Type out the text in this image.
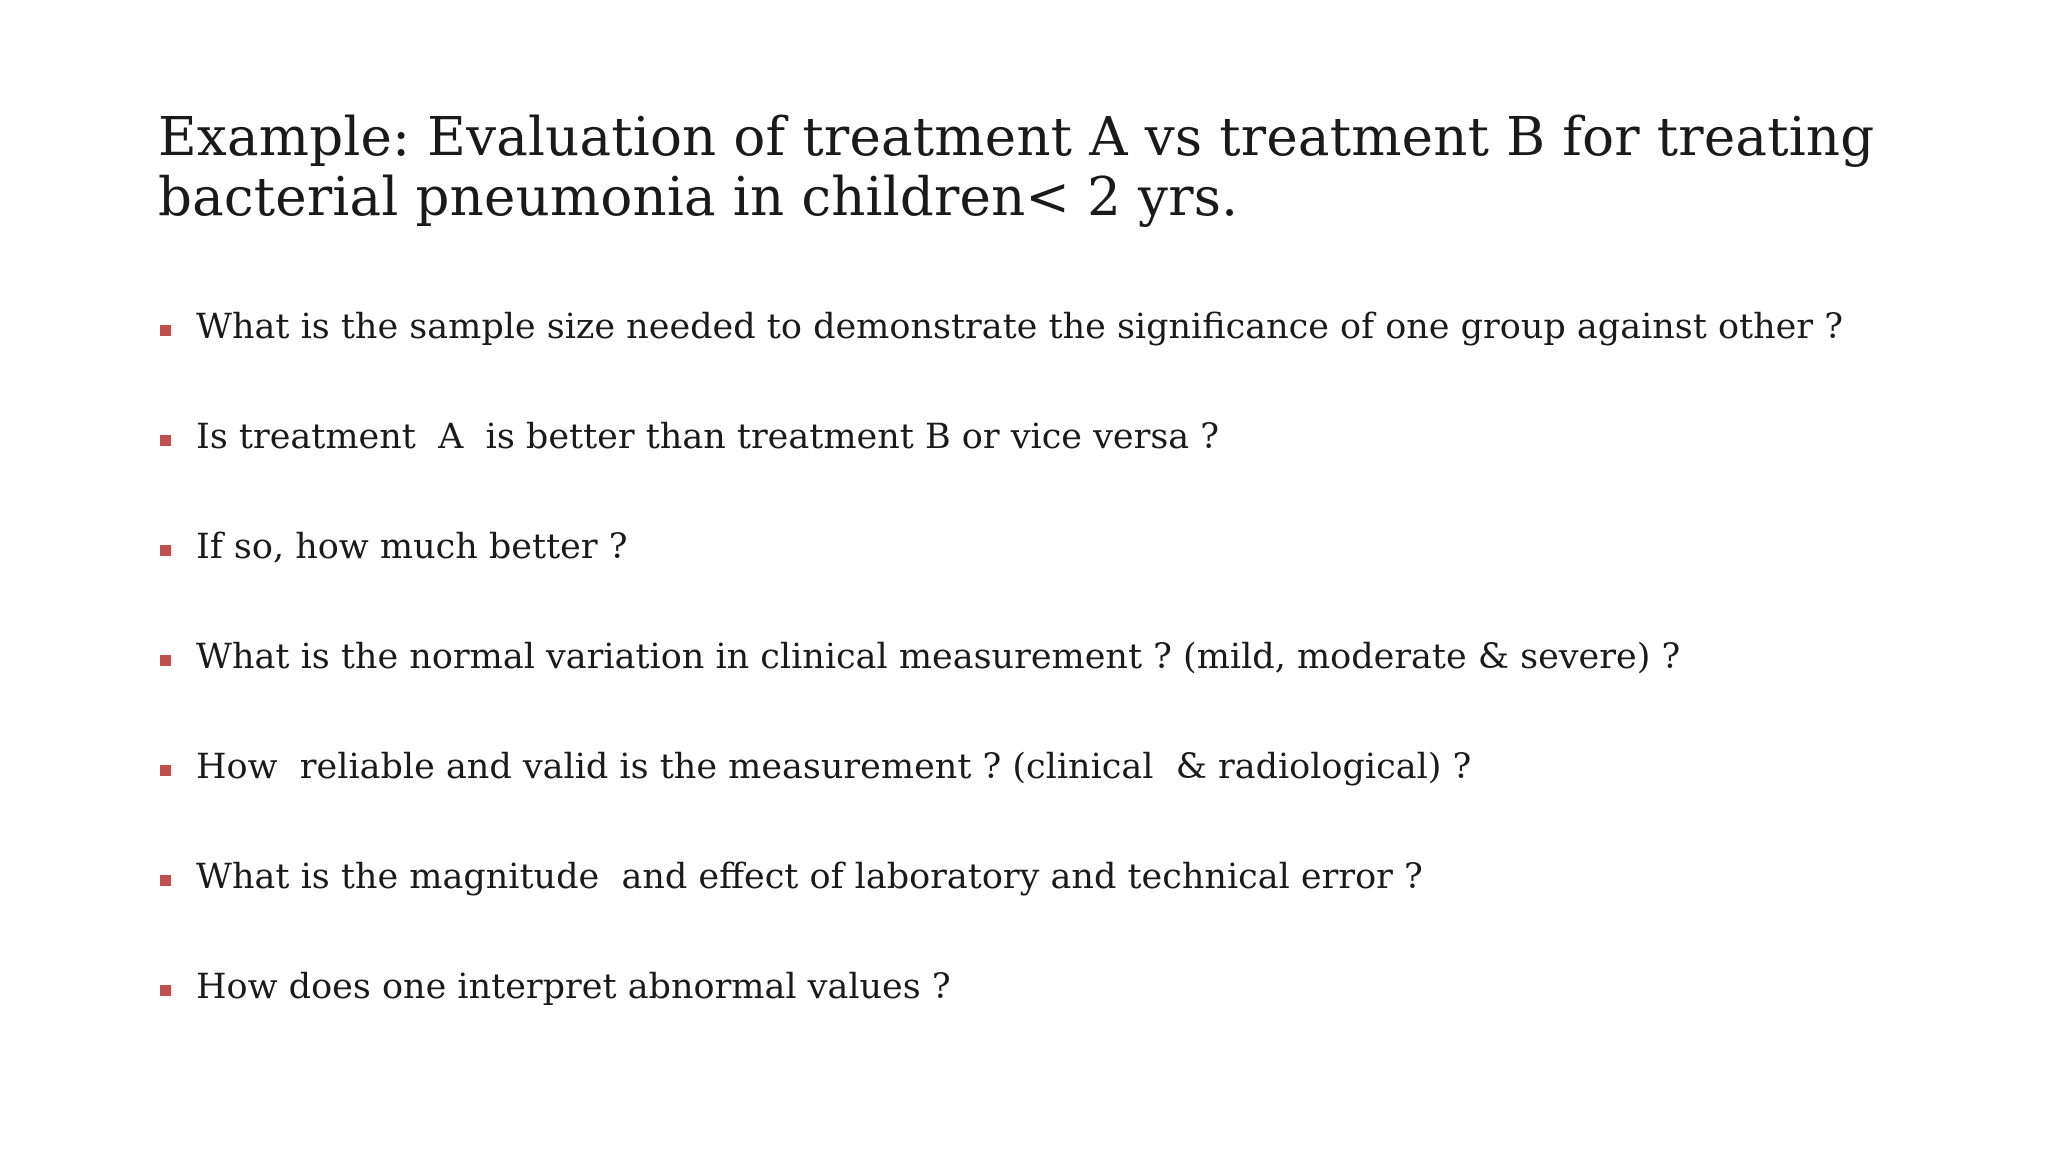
Example: Evaluation of treatment A vs treatment B for treating
bacterial pneumonia in children< 2 yrs.
What is the sample size needed to demonstrate the significance of one group against other ?
Is treatment  A  is better than treatment B or vice versa ?
If so, how much better ?
What is the normal variation in clinical measurement ? (mild, moderate & severe) ?
How  reliable and valid is the measurement ? (clinical  & radiological) ?
What is the magnitude  and effect of laboratory and technical error ?
How does one interpret abnormal values ?
